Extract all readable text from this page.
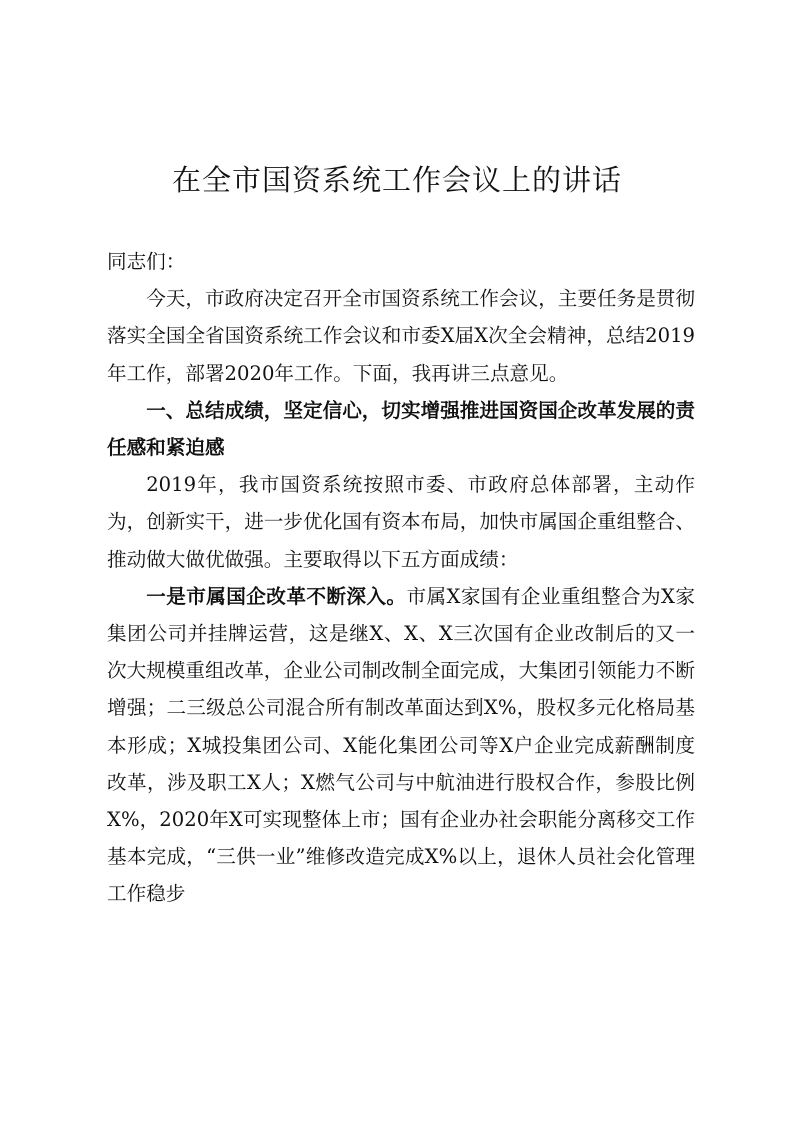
在全市国资系统工作会议上的讲话

同志们：

今天，市政府决定召开全市国资系统工作会议，主要任务是贯彻落实全国全省国资系统工作会议和市委X届X次全会精神，总结2019年工作，部署2020年工作。下面，我再讲三点意见。

一、总结成绩，坚定信心，切实增强推进国资国企改革发展的责任感和紧迫感

2019年，我市国资系统按照市委、市政府总体部署，主动作为，创新实干，进一步优化国有资本布局，加快市属国企重组整合、推动做大做优做强。主要取得以下五方面成绩：

一是市属国企改革不断深入。市属X家国有企业重组整合为X家集团公司并挂牌运营，这是继X、X、X三次国有企业改制后的又一次大规模重组改革，企业公司制改制全面完成，大集团引领能力不断增强；二三级总公司混合所有制改革面达到X%，股权多元化格局基本形成；X城投集团公司、X能化集团公司等X户企业完成薪酬制度改革，涉及职工X人；X燃气公司与中航油进行股权合作，参股比例X%，2020年X可实现整体上市；国有企业办社会职能分离移交工作基本完成，“三供一业”维修改造完成X%以上，退休人员社会化管理工作稳步
